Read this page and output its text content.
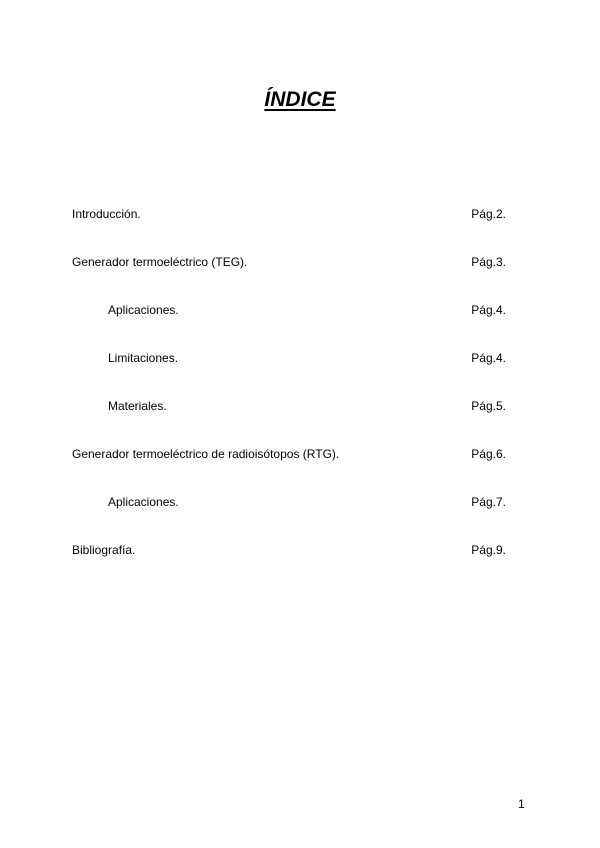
ÍNDICE
Introducción.	Pág.2.
Generador termoeléctrico (TEG).	Pág.3.
Aplicaciones.	Pág.4.
Limitaciones.	Pág.4.
Materiales.	Pág.5.
Generador termoeléctrico de radioisótopos (RTG).	Pág.6.
Aplicaciones.	Pág.7.
Bibliografía.	Pág.9.
1
